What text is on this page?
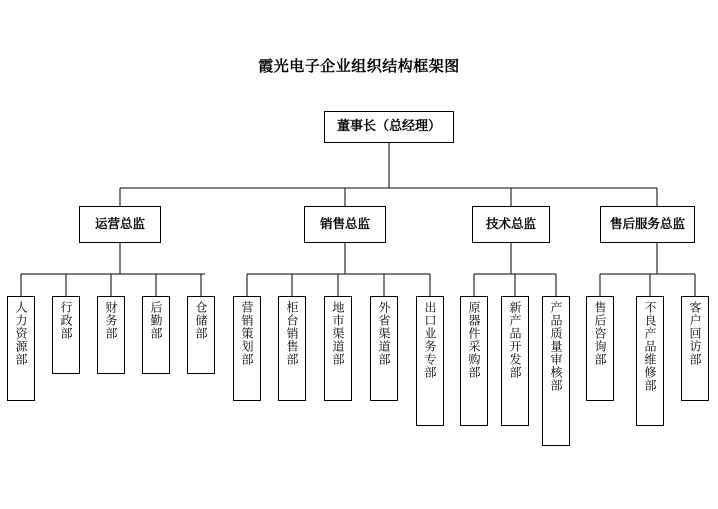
霞光电子企业组织结构框架图
董事长（总经理）
运营总监	销售总监	技术总监	售后服务总监
人力资源部	行政部	财务部	后勤部	仓储部	营销策划部	柜台销售部	地市渠道部	外省渠道部	出口业务专部	原器件采购部 新产品开发部 产品质量审核部	售后咨询部	不良产品维修部	客户回访部
